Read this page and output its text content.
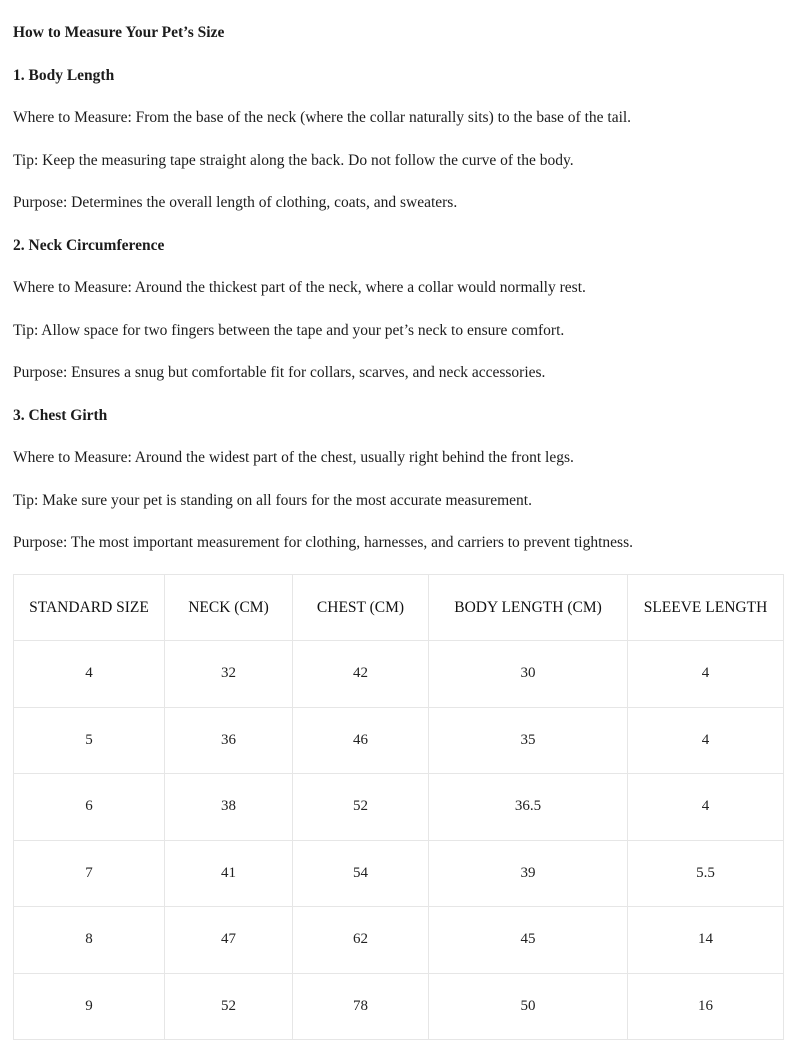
How to Measure Your Pet’s Size
1. Body Length
Where to Measure: From the base of the neck (where the collar naturally sits) to the base of the tail.
Tip: Keep the measuring tape straight along the back. Do not follow the curve of the body.
Purpose: Determines the overall length of clothing, coats, and sweaters.
2. Neck Circumference
Where to Measure: Around the thickest part of the neck, where a collar would normally rest.
Tip: Allow space for two fingers between the tape and your pet’s neck to ensure comfort.
Purpose: Ensures a snug but comfortable fit for collars, scarves, and neck accessories.
3. Chest Girth
Where to Measure: Around the widest part of the chest, usually right behind the front legs.
Tip: Make sure your pet is standing on all fours for the most accurate measurement.
Purpose: The most important measurement for clothing, harnesses, and carriers to prevent tightness.
STANDARD SIZE	NECK (CM)	CHEST (CM)	BODY LENGTH (CM)	SLEEVE LENGTH
4	32	42	30	4
5	36	46	35	4
6	38	52	36.5	4
7	41	54	39	5.5
8	47	62	45	14
9	52	78	50	16
